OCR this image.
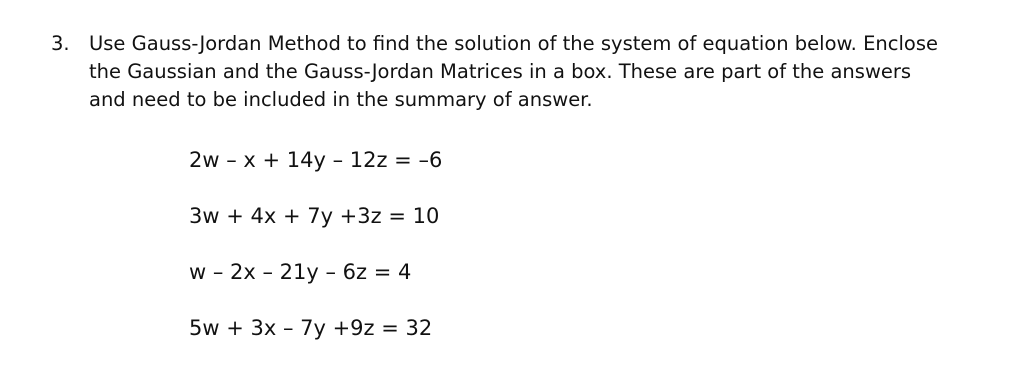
3. Use Gauss-Jordan Method to find the solution of the system of equation below. Enclose
the Gaussian and the Gauss-Jordan Matrices in a box. These are part of the answers
and need to be included in the summary of answer.
2w – x + 14y – 12z = –6
3w + 4x + 7y +3z = 10
w – 2x – 21y – 6z = 4
5w + 3x – 7y +9z = 32
